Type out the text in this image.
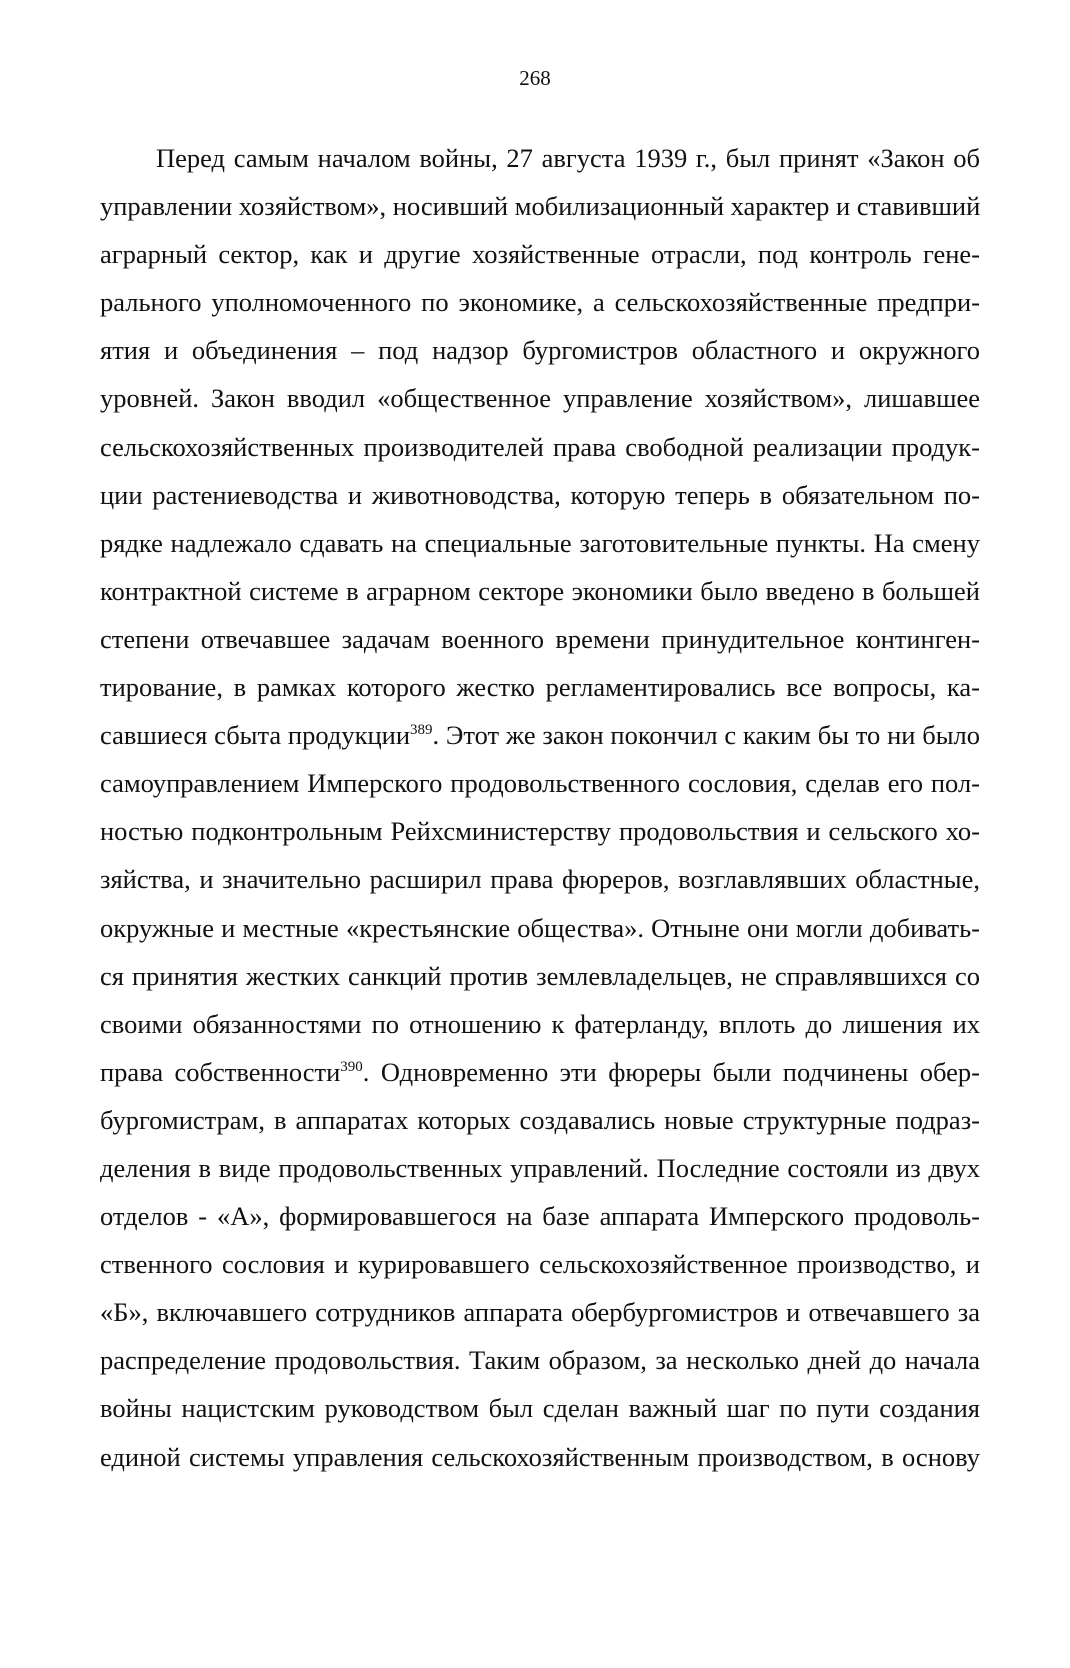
268
Перед самым началом войны, 27 августа 1939 г., был принят «Закон об
управлении хозяйством», носивший мобилизационный характер и ставивший
аграрный сектор, как и другие хозяйственные отрасли, под контроль гене-
рального уполномоченного по экономике, а сельскохозяйственные предпри-
ятия и объединения – под надзор бургомистров областного и окружного
уровней. Закон вводил «общественное управление хозяйством», лишавшее
сельскохозяйственных производителей права свободной реализации продук-
ции растениеводства и животноводства, которую теперь в обязательном по-
рядке надлежало сдавать на специальные заготовительные пункты. На смену
контрактной системе в аграрном секторе экономики было введено в большей
степени отвечавшее задачам военного времени принудительное континген-
тирование, в рамках которого жестко регламентировались все вопросы, ка-
савшиеся сбыта продукции$^{389}$. Этот же закон покончил с каким бы то ни было
самоуправлением Имперского продовольственного сословия, сделав его пол-
ностью подконтрольным Рейхсминистерству продовольствия и сельского хо-
зяйства, и значительно расширил права фюреров, возглавлявших областные,
окружные и местные «крестьянские общества». Отныне они могли добивать-
ся принятия жестких санкций против землевладельцев, не справлявшихся со
своими обязанностями по отношению к фатерланду, вплоть до лишения их
права собственности$^{390}$. Одновременно эти фюреры были подчинены обер-
бургомистрам, в аппаратах которых создавались новые структурные подраз-
деления в виде продовольственных управлений. Последние состояли из двух
отделов - «А», формировавшегося на базе аппарата Имперского продоволь-
ственного сословия и курировавшего сельскохозяйственное производство, и
«Б», включавшего сотрудников аппарата обербургомистров и отвечавшего за
распределение продовольствия. Таким образом, за несколько дней до начала
войны нацистским руководством был сделан важный шаг по пути создания
единой системы управления сельскохозяйственным производством, в основу
